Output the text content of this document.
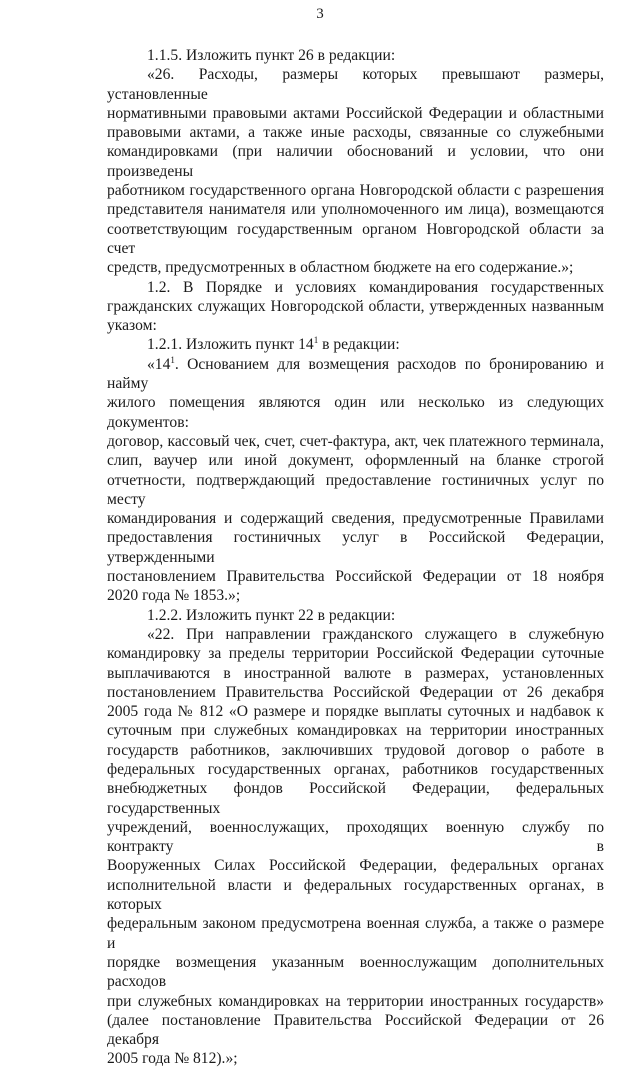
3

1.1.5. Изложить пункт 26 в редакции:

«26. Расходы, размеры которых превышают размеры, установленные

нормативными правовыми актами Российской Федерации и областными

правовыми актами, а также иные расходы, связанные со служебными

командировками (при наличии обоснований и условии, что они произведены

работником государственного органа Новгородской области с разрешения

представителя нанимателя или уполномоченного им лица), возмещаются

соответствующим государственным органом Новгородской области за счет

средств, предусмотренных в областном бюджете на его содержание.»;

1.2. В Порядке и условиях командирования государственных

гражданских служащих Новгородской области, утвержденных названным

указом:

1.2.1. Изложить пункт $14^1$ в редакции:

«$14^1$. Основанием для возмещения расходов по бронированию и найму

жилого помещения являются один или несколько из следующих документов:

договор, кассовый чек, счет, счет-фактура, акт, чек платежного терминала,

слип, ваучер или иной документ, оформленный на бланке строгой

отчетности, подтверждающий предоставление гостиничных услуг по месту

командирования и содержащий сведения, предусмотренные Правилами

предоставления гостиничных услуг в Российской Федерации, утвержденными

постановлением Правительства Российской Федерации от 18 ноября

2020 года № 1853.»;

1.2.2. Изложить пункт 22 в редакции:

«22. При направлении гражданского служащего в служебную

командировку за пределы территории Российской Федерации суточные

выплачиваются в иностранной валюте в размерах, установленных

постановлением Правительства Российской Федерации от 26 декабря

2005 года № 812 «О размере и порядке выплаты суточных и надбавок к

суточным при служебных командировках на территории иностранных

государств работников, заключивших трудовой договор о работе в

федеральных государственных органах, работников государственных

внебюджетных фондов Российской Федерации, федеральных государственных

учреждений, военнослужащих, проходящих военную службу по контракту в

Вооруженных Силах Российской Федерации, федеральных органах

исполнительной власти и федеральных государственных органах, в которых

федеральным законом предусмотрена военная служба, а также о размере и

порядке возмещения указанным военнослужащим дополнительных расходов

при служебных командировках на территории иностранных государств»

(далее постановление Правительства Российской Федерации от 26 декабря

2005 года № 812).»;
